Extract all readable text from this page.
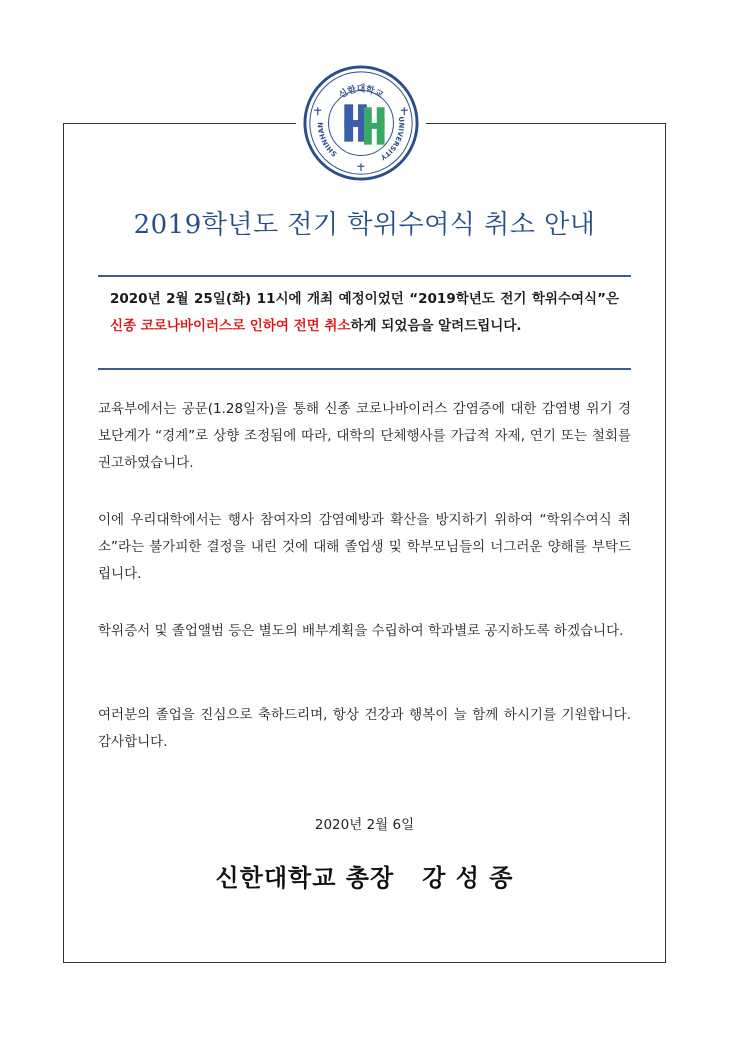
신한대학교
SHINHAN
UNIVERSITY
2019학년도 전기 학위수여식 취소 안내
2020년 2월 25일(화) 11시에 개최 예정이었던 “2019학년도 전기 학위수여식”은 신종 코로나바이러스로 인하여 전면 취소하게 되었음을 알려드립니다.

교육부에서는 공문(1.28일자)을 통해 신종 코로나바이러스 감염증에 대한 감염병 위기 경보단계가 “경계”로 상향 조정됨에 따라, 대학의 단체행사를 가급적 자제, 연기 또는 철회를 권고하였습니다.

이에 우리대학에서는 행사 참여자의 감염예방과 확산을 방지하기 위하여 “학위수여식 취소”라는 불가피한 결정을 내린 것에 대해 졸업생 및 학부모님들의 너그러운 양해를 부탁드립니다.

학위증서 및 졸업앨범 등은 별도의 배부계획을 수립하여 학과별로 공지하도록 하겠습니다.

여러분의 졸업을 진심으로 축하드리며, 항상 건강과 행복이 늘 함께 하시기를 기원합니다. 감사합니다.

2020년 2월 6일

신한대학교 총장   강 성 종
